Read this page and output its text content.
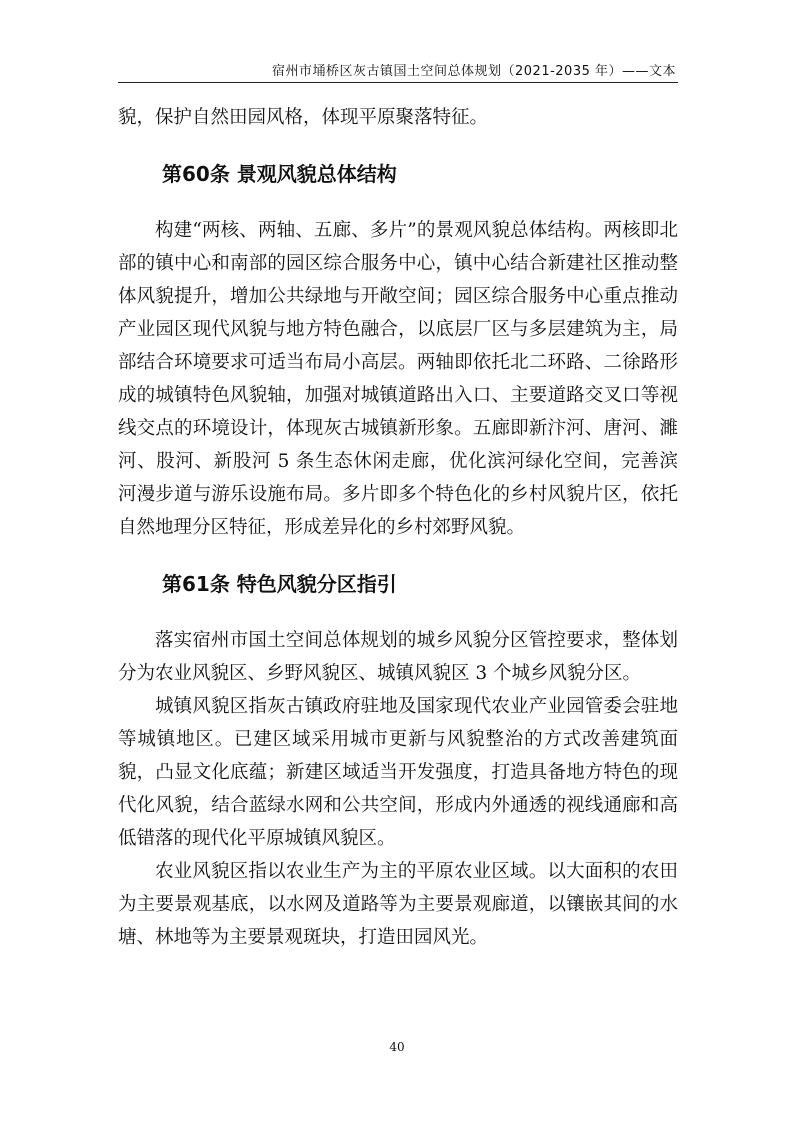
宿州市埇桥区灰古镇国土空间总体规划（2021-2035 年）——文本

貌，保护自然田园风格，体现平原聚落特征。

第60条 景观风貌总体结构

构建“两核、两轴、五廊、多片”的景观风貌总体结构。两核即北部的镇中心和南部的园区综合服务中心，镇中心结合新建社区推动整体风貌提升，增加公共绿地与开敞空间；园区综合服务中心重点推动产业园区现代风貌与地方特色融合，以底层厂区与多层建筑为主，局部结合环境要求可适当布局小高层。两轴即依托北二环路、二徐路形成的城镇特色风貌轴，加强对城镇道路出入口、主要道路交叉口等视线交点的环境设计，体现灰古城镇新形象。五廊即新汴河、唐河、濉河、股河、新股河 5 条生态休闲走廊，优化滨河绿化空间，完善滨河漫步道与游乐设施布局。多片即多个特色化的乡村风貌片区，依托自然地理分区特征，形成差异化的乡村郊野风貌。

第61条 特色风貌分区指引

落实宿州市国土空间总体规划的城乡风貌分区管控要求，整体划分为农业风貌区、乡野风貌区、城镇风貌区 3 个城乡风貌分区。

城镇风貌区指灰古镇政府驻地及国家现代农业产业园管委会驻地等城镇地区。已建区域采用城市更新与风貌整治的方式改善建筑面貌，凸显文化底蕴；新建区域适当开发强度，打造具备地方特色的现代化风貌，结合蓝绿水网和公共空间，形成内外通透的视线通廊和高低错落的现代化平原城镇风貌区。

农业风貌区指以农业生产为主的平原农业区域。以大面积的农田为主要景观基底，以水网及道路等为主要景观廊道，以镶嵌其间的水塘、林地等为主要景观斑块，打造田园风光。

40
